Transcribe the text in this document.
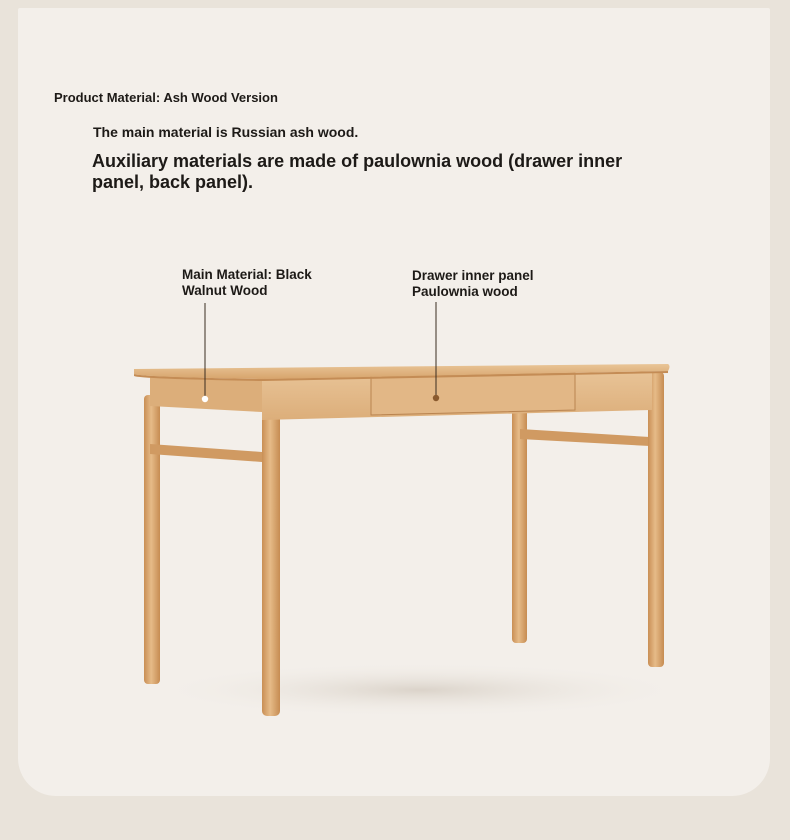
Product Material: Ash Wood Version
The main material is Russian ash wood.
Auxiliary materials are made of paulownia wood (drawer inner panel, back panel).
Main Material: Black
Walnut Wood
Drawer inner panel
Paulownia wood
